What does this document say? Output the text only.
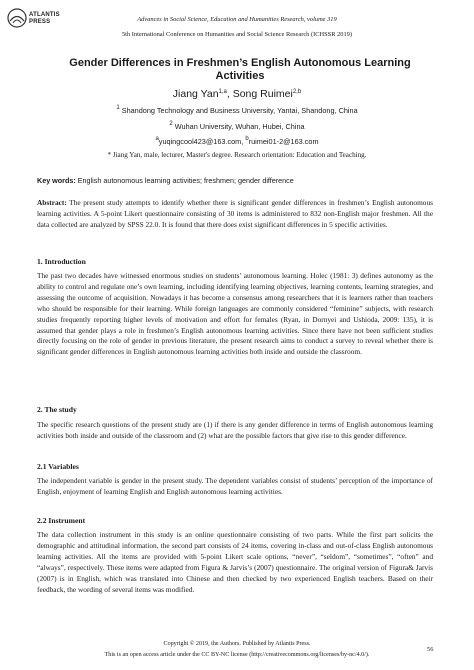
ATLANTIS
PRESS	Advances in Social Science, Education and Humanities Research, volume 319
5th International Conference on Humanities and Social Science Research (ICHSSR 2019)
Gender Differences in Freshmen’s English Autonomous Learning Activities
Jiang Yan$^{1,a}$, Song Ruimei$^{2,b}$
$^1$ Shandong Technology and Business University, Yantai, Shandong, China
$^2$ Wuhan University, Wuhan, Hubei, China
$^a$yuqingcool423@163.com, $^b$ruimei01-2@163.com
* Jiang Yan, male, lecturer, Master's degree. Research orientation: Education and Teaching.
Key words: English autonomous learning activities; freshmen; gender difference
Abstract: The present study attempts to identify whether there is significant gender differences in freshmen’s English autonomous learning activities. A 5-point Likert questionnaire consisting of 30 items is administered to 832 non-English major freshmen. All the data collected are analyzed by SPSS 22.0. It is found that there does exist significant differences in 5 specific activities.
1. Introduction
The past two decades have witnessed enormous studies on students’ autonomous learning. Holec (1981: 3) defines autonomy as the ability to control and regulate one’s own learning, including identifying learning objectives, learning contents, learning strategies, and assessing the outcome of acquisition. Nowadays it has become a consensus among researchers that it is learners rather than teachers who should be responsible for their learning. While foreign languages are commonly considered “feminine” subjects, with research studies frequently reporting higher levels of motivation and effort for females (Ryan, in Dornyei and Ushioda, 2009: 135), it is assumed that gender plays a role in freshmen’s English autonomous learning activities. Since there have not been sufficient studies directly focusing on the role of gender in previous literature, the present research aims to conduct a survey to reveal whether there is significant gender differences in English autonomous learning activities both inside and outside the classroom.
2. The study
The specific research questions of the present study are (1) if there is any gender difference in terms of English autonomous learning activities both inside and outside of the classroom and (2) what are the possible factors that give rise to this gender difference.
2.1 Variables
The independent variable is gender in the present study. The dependent variables consist of students’ perception of the importance of English, enjoyment of learning English and English autonomous learning activities.
2.2 Instrument
The data collection instrument in this study is an online questionnaire consisting of two parts. While the first part solicits the demographic and attitudinal information, the second part consists of 24 items, covering in-class and out-of-class English autonomous learning activities. All the items are provided with 5-point Likert scale options, “never”, “seldom”, “sometimes”, “often” and “always”, respectively. These items were adapted from Figura & Jarvis’s (2007) questionnaire. The original version of Figura& Jarvis (2007) is in English, which was translated into Chinese and then checked by two experienced English teachers. Based on their feedback, the wording of several items was modified.
Copyright © 2019, the Authors. Published by Atlantis Press.
This is an open access article under the CC BY-NC license (http://creativecommons.org/licenses/by-nc/4.0/).
56
